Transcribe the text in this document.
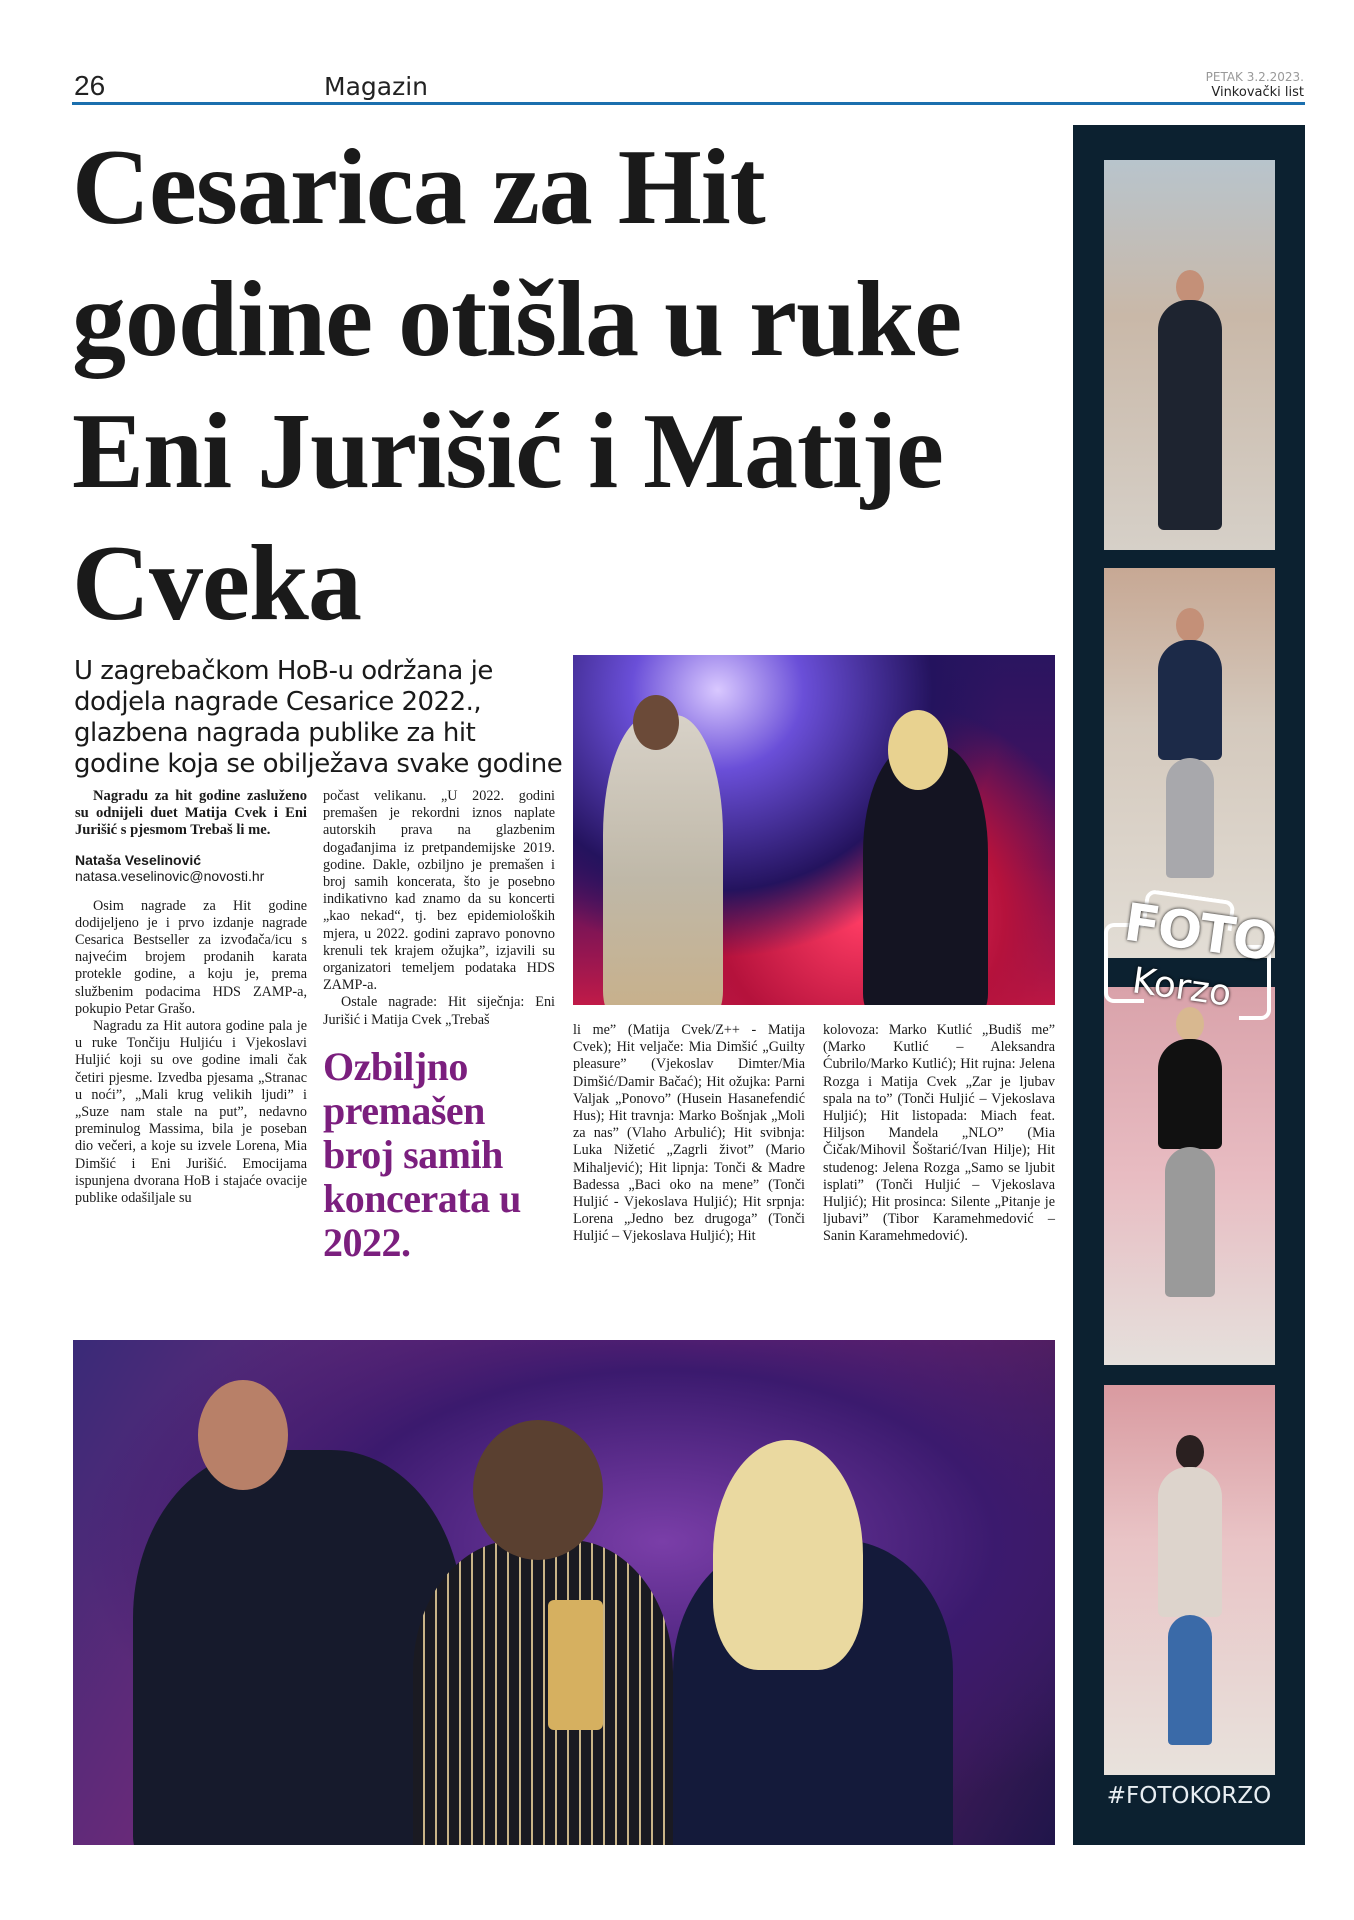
26	Magazin	PETAK 3.2.2023.
Vinkovački list
Cesarica za Hit godine otišla u ruke Eni Jurišić i Matije Cveka
U zagrebačkom HoB-u održana je dodjela nagrade Cesarice 2022., glazbena nagrada publike za hit godine koja se obilježava svake godine

Nagradu za hit godine zasluženo su odnijeli duet Matija Cvek i Eni Jurišić s pjesmom Trebaš li me.

Nataša Veselinović

natasa.veselinovic@novosti.hr

Osim nagrade za Hit godine dodijeljeno je i prvo izdanje nagrade Cesarica Bestseller za izvođača/icu s najvećim brojem prodanih karata protekle godine, a koju je, prema službenim podacima HDS ZAMP-a, pokupio Petar Grašo.

Nagradu za Hit autora godine pala je u ruke Tončiju Huljiću i Vjekoslavi Huljić koji su ove godine imali čak četiri pjesme. Izvedba pjesama „Stranac u noći”, „Mali krug velikih ljudi” i „Suze nam stale na put”, nedavno preminulog Massima, bila je poseban dio večeri, a koje su izvele Lorena, Mia Dimšić i Eni Jurišić. Emocijama ispunjena dvorana HoB i stajaće ovacije publike odašiljale su

počast velikanu. „U 2022. godini premašen je rekordni iznos naplate autorskih prava na glazbenim događanjima iz pretpandemijske 2019. godine. Dakle, ozbiljno je premašen i broj samih koncerata, što je posebno indikativno kad znamo da su koncerti „kao nekad“, tj. bez epidemioloških mjera, u 2022. godini zapravo ponovno krenuli tek krajem ožujka”, izjavili su organizatori temeljem podataka HDS ZAMP-a.

Ostale nagrade: Hit siječnja: Eni Jurišić i Matija Cvek „Trebaš

Ozbiljno premašen broj samih koncerata u 2022.

li me” (Matija Cvek/Z++ - Matija Cvek); Hit veljače: Mia Dimšić „Guilty pleasure” (Vjekoslav Dimter/Mia Dimšić/Damir Bačać); Hit ožujka: Parni Valjak „Ponovo” (Husein Hasanefendić Hus); Hit travnja: Marko Bošnjak „Moli za nas” (Vlaho Arbulić); Hit svibnja: Luka Nižetić „Zagrli život” (Mario Mihaljević); Hit lipnja: Tonči & Madre Badessa „Baci oko na mene” (Tonči Huljić - Vjekoslava Huljić); Hit srpnja: Lorena „Jedno bez drugoga” (Tonči Huljić – Vjekoslava Huljić); Hit

kolovoza: Marko Kutlić „Budiš me” (Marko Kutlić – Aleksandra Ćubrilo/Marko Kutlić); Hit rujna: Jelena Rozga i Matija Cvek „Zar je ljubav spala na to” (Tonči Huljić – Vjekoslava Huljić); Hit listopada: Miach feat. Hiljson Mandela „NLO” (Mia Čičak/Mihovil Šoštarić/Ivan Hilje); Hit studenog: Jelena Rozga „Samo se ljubit isplati” (Tonči Huljić – Vjekoslava Huljić); Hit prosinca: Silente „Pitanje je ljubavi” (Tibor Karamehmedović – Sanin Karamehmedović).

#FOTOKORZO
FOTO
Korzo
